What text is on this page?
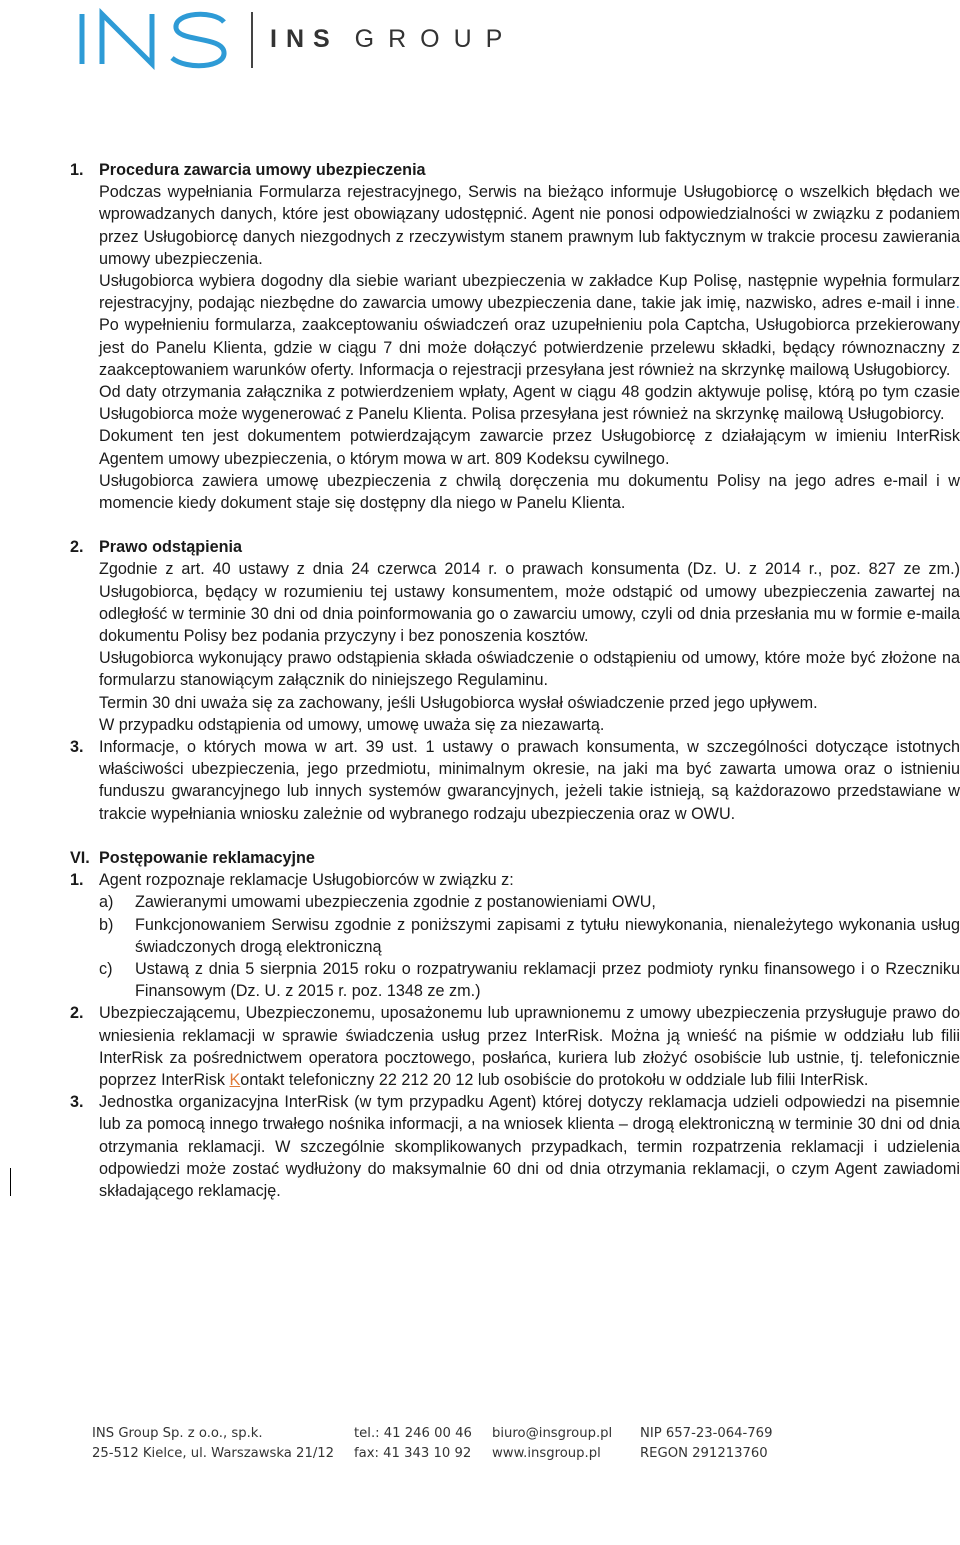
INS GROUP
1. Procedura zawarcia umowy ubezpieczenia

Podczas wypełniania Formularza rejestracyjnego, Serwis na bieżąco informuje Usługobiorcę o wszelkich błędach we wprowadzanych danych, które jest obowiązany udostępnić. Agent nie ponosi odpowiedzialności w związku z podaniem przez Usługobiorcę danych niezgodnych z rzeczywistym stanem prawnym lub faktycznym w trakcie procesu zawierania umowy ubezpieczenia.

Usługobiorca wybiera dogodny dla siebie wariant ubezpieczenia w zakładce Kup Polisę, następnie wypełnia formularz rejestracyjny, podając niezbędne do zawarcia umowy ubezpieczenia dane, takie jak imię, nazwisko, adres e-mail i inne. Po wypełnieniu formularza, zaakceptowaniu oświadczeń oraz uzupełnieniu pola Captcha, Usługobiorca przekierowany jest do Panelu Klienta, gdzie w ciągu 7 dni może dołączyć potwierdzenie przelewu składki, będący równoznaczny z zaakceptowaniem warunków oferty. Informacja o rejestracji przesyłana jest również na skrzynkę mailową Usługobiorcy.

Od daty otrzymania załącznika z potwierdzeniem wpłaty, Agent w ciągu 48 godzin aktywuje polisę, którą po tym czasie Usługobiorca może wygenerować z Panelu Klienta. Polisa przesyłana jest również na skrzynkę mailową Usługobiorcy.

Dokument ten jest dokumentem potwierdzającym zawarcie przez Usługobiorcę z działającym w imieniu InterRisk Agentem umowy ubezpieczenia, o którym mowa w art. 809 Kodeksu cywilnego.

Usługobiorca zawiera umowę ubezpieczenia z chwilą doręczenia mu dokumentu Polisy na jego adres e-mail i w momencie kiedy dokument staje się dostępny dla niego w Panelu Klienta.

2. Prawo odstąpienia

Zgodnie z art. 40 ustawy z dnia 24 czerwca 2014 r. o prawach konsumenta (Dz. U. z 2014 r., poz. 827 ze zm.) Usługobiorca, będący w rozumieniu tej ustawy konsumentem, może odstąpić od umowy ubezpieczenia zawartej na odległość w terminie 30 dni od dnia poinformowania go o zawarciu umowy, czyli od dnia przesłania mu w formie e-maila dokumentu Polisy bez podania przyczyny i bez ponoszenia kosztów.

Usługobiorca wykonujący prawo odstąpienia składa oświadczenie o odstąpieniu od umowy, które może być złożone na formularzu stanowiącym załącznik do niniejszego Regulaminu.

Termin 30 dni uważa się za zachowany, jeśli Usługobiorca wysłał oświadczenie przed jego upływem.

W przypadku odstąpienia od umowy, umowę uważa się za niezawartą.

3. Informacje, o których mowa w art. 39 ust. 1 ustawy o prawach konsumenta, w szczególności dotyczące istotnych właściwości ubezpieczenia, jego przedmiotu, minimalnym okresie, na jaki ma być zawarta umowa oraz o istnieniu funduszu gwarancyjnego lub innych systemów gwarancyjnych, jeżeli takie istnieją, są każdorazowo przedstawiane w trakcie wypełniania wniosku zależnie od wybranego rodzaju ubezpieczenia oraz w OWU.

VI. Postępowanie reklamacyjne
1. Agent rozpoznaje reklamacje Usługobiorców w związku z:

a)	Zawieranymi umowami ubezpieczenia zgodnie z postanowieniami OWU,
b)	Funkcjonowaniem Serwisu zgodnie z poniższymi zapisami z tytułu niewykonania, nienależytego wykonania usług świadczonych drogą elektroniczną
c)	Ustawą z dnia 5 sierpnia 2015 roku o rozpatrywaniu reklamacji przez podmioty rynku finansowego i o Rzeczniku Finansowym (Dz. U. z 2015 r. poz. 1348 ze zm.)
2. Ubezpieczającemu, Ubezpieczonemu, uposażonemu lub uprawnionemu z umowy ubezpieczenia przysługuje prawo do wniesienia reklamacji w sprawie świadczenia usług przez InterRisk. Można ją wnieść na piśmie w oddziału lub filii InterRisk za pośrednictwem operatora pocztowego, posłańca, kuriera lub złożyć osobiście lub ustnie, tj. telefonicznie poprzez InterRisk Kontakt telefoniczny 22 212 20 12 lub osobiście do protokołu w oddziale lub filii InterRisk.

3. Jednostka organizacyjna InterRisk (w tym przypadku Agent) której dotyczy reklamacja udzieli odpowiedzi na pisemnie lub za pomocą innego trwałego nośnika informacji, a na wniosek klienta – drogą elektroniczną w terminie 30 dni od dnia otrzymania reklamacji. W szczególnie skomplikowanych przypadkach, termin rozpatrzenia reklamacji i udzielenia odpowiedzi może zostać wydłużony do maksymalnie 60 dni od dnia otrzymania reklamacji, o czym Agent zawiadomi składającego reklamację.

INS Group Sp. z o.o., sp.k.
25-512 Kielce, ul. Warszawska 21/12
tel.: 41 246 00 46
fax: 41 343 10 92
biuro@insgroup.pl
www.insgroup.pl
NIP 657-23-064-769
REGON 291213760
